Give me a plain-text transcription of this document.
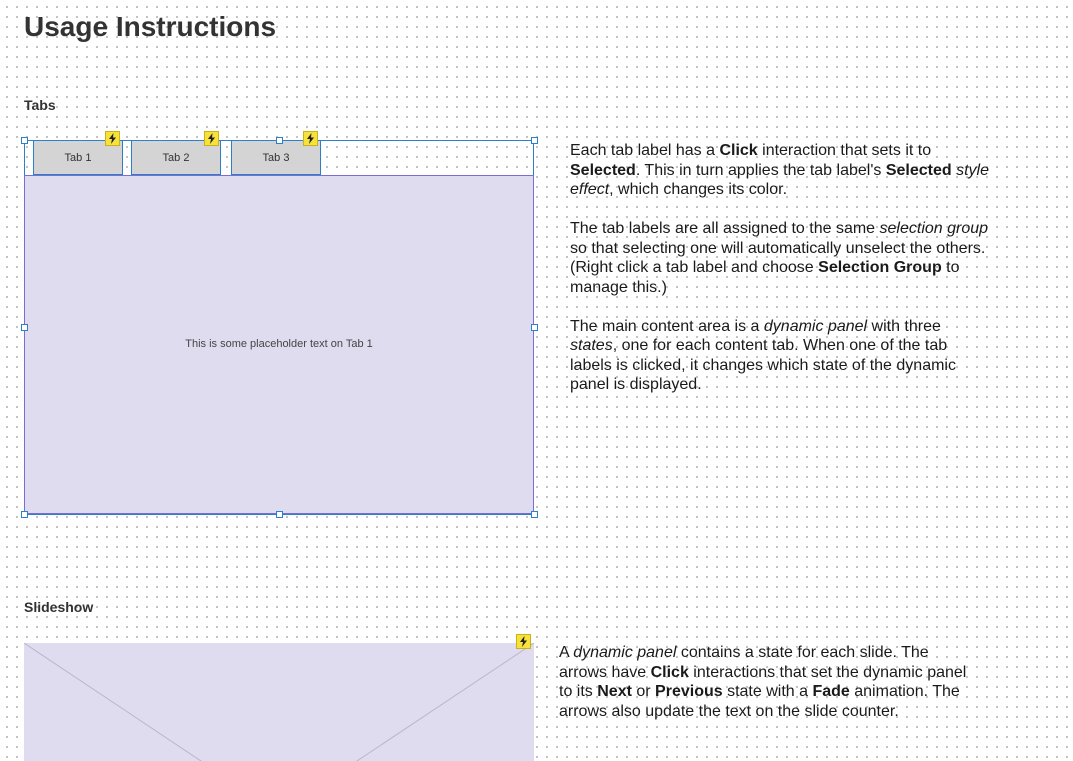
Usage Instructions
Tabs
Tab 1	Tab 2	Tab 3
This is some placeholder text on Tab 1

Each tab label has a Click interaction that sets it to Selected. This in turn applies the tab label's Selected style effect, which changes its color.

The tab labels are all assigned to the same selection group so that selecting one will automatically unselect the others. (Right click a tab label and choose Selection Group to manage this.)

The main content area is a dynamic panel with three states, one for each content tab. When one of the tab labels is clicked, it changes which state of the dynamic panel is displayed.

Slideshow

A dynamic panel contains a state for each slide. The arrows have Click interactions that set the dynamic panel to its Next or Previous state with a Fade animation. The arrows also update the text on the slide counter.
